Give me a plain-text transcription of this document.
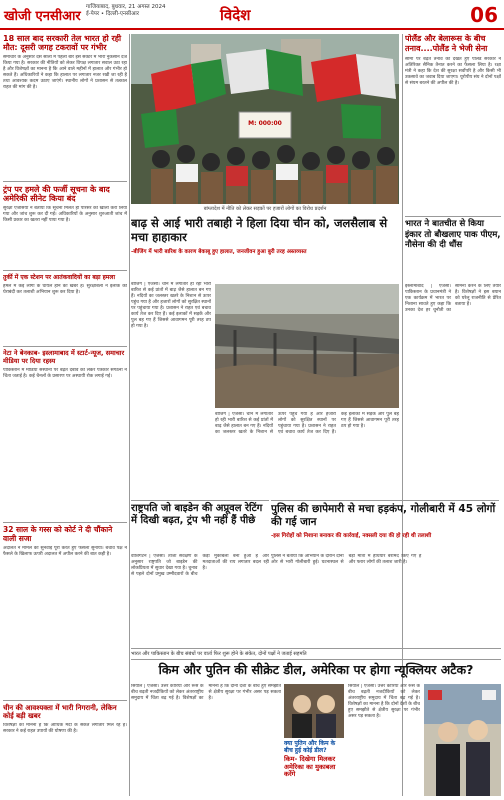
खोजी एनसीआर
गाजियाबाद, बुधवार, 21 अगस्त 2024
ई-पेपर • दिल्ली-एनसीआर	विदेश	06
18 साल बाद सरकारी तेल भारत हो रही मौत: दूसरी जगह टकरावों पर गंभीर
समाचार के अनुसार दस सालों में पहली बार इस सेक्टर में भारी नुकसान दर्ज किया गया है। सरकार की नीतियों को लेकर विपक्ष लगातार सवाल उठा रहा है और विशेषज्ञों का मानना है कि आने वाले महीनों में हालात और गंभीर हो सकते हैं। अधिकारियों ने कहा कि हालात पर लगातार नजर रखी जा रही है तथा आवश्यक कदम उठाए जाएंगे। स्थानीय लोगों ने प्रशासन से तत्काल राहत की मांग की है।
ट्रंप पर हमले की फर्जी सूचना के बाद अमेरिकी सीनेट किया बंद
सुरक्षा एजेंसियों ने बताया कि सूचना मिलते ही परिसर को खाली करा लिया गया और जांच शुरू कर दी गई। अधिकारियों के अनुसार शुरुआती जांच में किसी प्रकार का खतरा नहीं पाया गया है।
तुर्की में एक स्टेशन पर आतंकवादियों का बड़ा हमला
हमले में कई लोगों के घायल होने की खबर है। सुरक्षाबलों ने इलाके की घेराबंदी कर तलाशी अभियान शुरू कर दिया है।
नेटा ने बेनकाब- इस्लामाबाद में स्टार्ट-न्यूज, समाचार मीडिया पर दिया रहस्य
पाकिस्तान में मीडिया संस्थानों पर बढ़ते दबाव को लेकर पत्रकार संगठनों ने चिंता जताई है। कई चैनलों के प्रसारण पर अस्थायी रोक लगाई गई।
32 साल के गस्स को कोर्ट ने दी चौंकाने वाली सजा
अदालत ने मामले की सुनवाई पूरी करते हुए फैसला सुनाया। बचाव पक्ष ने फैसले के खिलाफ ऊपरी अदालत में अपील करने की बात कही है।
चीन की आवश्यक्ता में भारी निगरानी, लेकिन कोई बड़ी खबर
विशेषज्ञों का मानना है कि आर्थिक मंदी के संकेत लगातार मिल रहे हैं। सरकार ने कई राहत उपायों की घोषणा की है।
M: 000:00
बांग्लादेश में नीति को लेकर सड़कों पर हजारों लोगों का विरोध प्रदर्शन
बाढ़ से आई भारी तबाही ने हिला दिया चीन को, जलसैलाब से मचा हाहाकार
-बीजिंग में भारी बारिश के कारण बेकाबू हुए हालात, जनजीवन हुआ बुरी तरह अस्तव्यस्त
बीजिंग | एजेंसी। चीन में लगातार हो रही भारी बारिश से कई प्रांतों में बाढ़ जैसे हालात बन गए हैं। नदियों का जलस्तर खतरे के निशान से ऊपर पहुंच गया है और हजारों लोगों को सुरक्षित स्थानों पर पहुंचाया गया है। प्रशासन ने राहत एवं बचाव कार्य तेज कर दिए हैं। कई इलाकों में सड़कें और पुल बह गए हैं जिससे आवागमन पूरी तरह ठप हो गया है।
बीजिंग | एजेंसी। चीन में लगातार हो रही भारी बारिश से कई प्रांतों में बाढ़ जैसे हालात बन गए हैं। नदियों का जलस्तर खतरे के निशान से ऊपर पहुंच गया है और हजारों लोगों को सुरक्षित स्थानों पर पहुंचाया गया है। प्रशासन ने राहत एवं बचाव कार्य तेज कर दिए हैं। कई इलाकों में सड़कें और पुल बह गए हैं जिससे आवागमन पूरी तरह ठप हो गया है।
राष्ट्रपति जो बाइडेन की अप्रूवल रेटिंग में दिखी बढ़त, ट्रंप भी नहीं हैं पीछे
वाशिंगटन | एजेंसी। ताजा सर्वेक्षण के अनुसार राष्ट्रपति जो बाइडेन की लोकप्रियता में सुधार देखा गया है। चुनाव से पहले दोनों प्रमुख उम्मीदवारों के बीच कड़ा मुकाबला बना हुआ है और मतदाताओं की राय लगातार बदल रही है।
पुलिस की छापेमारी से मचा हड़कंप, गोलीबारी में 45 लोगों की गई जान
-इस गिरोहों को निशाना बनाकर की कार्रवाई, नक्सली दया की हो रही थी तलाशी
पुलिस ने बताया कि अभियान के दौरान दोनों ओर से भारी गोलीबारी हुई। घटनास्थल से बड़ी मात्रा में हथियार बरामद किए गए हैं और फरार लोगों की तलाश जारी है।
भारत और पाकिस्तान के बीच संबंधों पर वार्ता फिर शुरू होने के संकेत, दोनों पक्षों ने जताई सहमति
किम और पुतिन की सीक्रेट डील, अमेरिका पर होगा न्यूक्लियर अटैक?
सियोल | एजेंसी। उत्तर कोरिया और रूस के बीच बढ़ती नजदीकियों को लेकर अंतरराष्ट्रीय समुदाय में चिंता बढ़ गई है। विशेषज्ञों का मानना है कि दोनों देशों के बीच हुए समझौते से क्षेत्रीय सुरक्षा पर गंभीर असर पड़ सकता है।
क्या पुतिन और किम के बीच हुई कोई डील?
किम- दिखेगा मिलकर अमेरिका का मुकाबला करेंगे
सियोल | एजेंसी। उत्तर कोरिया और रूस के बीच बढ़ती नजदीकियों को लेकर अंतरराष्ट्रीय समुदाय में चिंता बढ़ गई है। विशेषज्ञों का मानना है कि दोनों देशों के बीच हुए समझौते से क्षेत्रीय सुरक्षा पर गंभीर असर पड़ सकता है।
पोलैंड और बेलारूस के बीच तनाव....पोलैंड ने भेजी सेना
सीमा पर बढ़ते तनाव को देखते हुए पोलैंड सरकार ने अतिरिक्त सैनिक तैनात करने का फैसला लिया है। रक्षा मंत्री ने कहा कि देश की सुरक्षा सर्वोपरि है और किसी भी उकसावे का जवाब दिया जाएगा। यूरोपीय संघ ने दोनों पक्षों से संयम बरतने की अपील की है।
भारत ने बातचीत से किया इंकार तो बौखलाए पाक पीएम, नौसेना की दी धौंस
इस्लामाबाद | एजेंसी। पाकिस्तान के प्रधानमंत्री ने एक कार्यक्रम में भारत पर निशाना साधते हुए कहा कि उनका देश हर चुनौती का सामना करने के लिए तैयार है। विशेषज्ञों ने इस बयान को घरेलू राजनीति से प्रेरित बताया है।
